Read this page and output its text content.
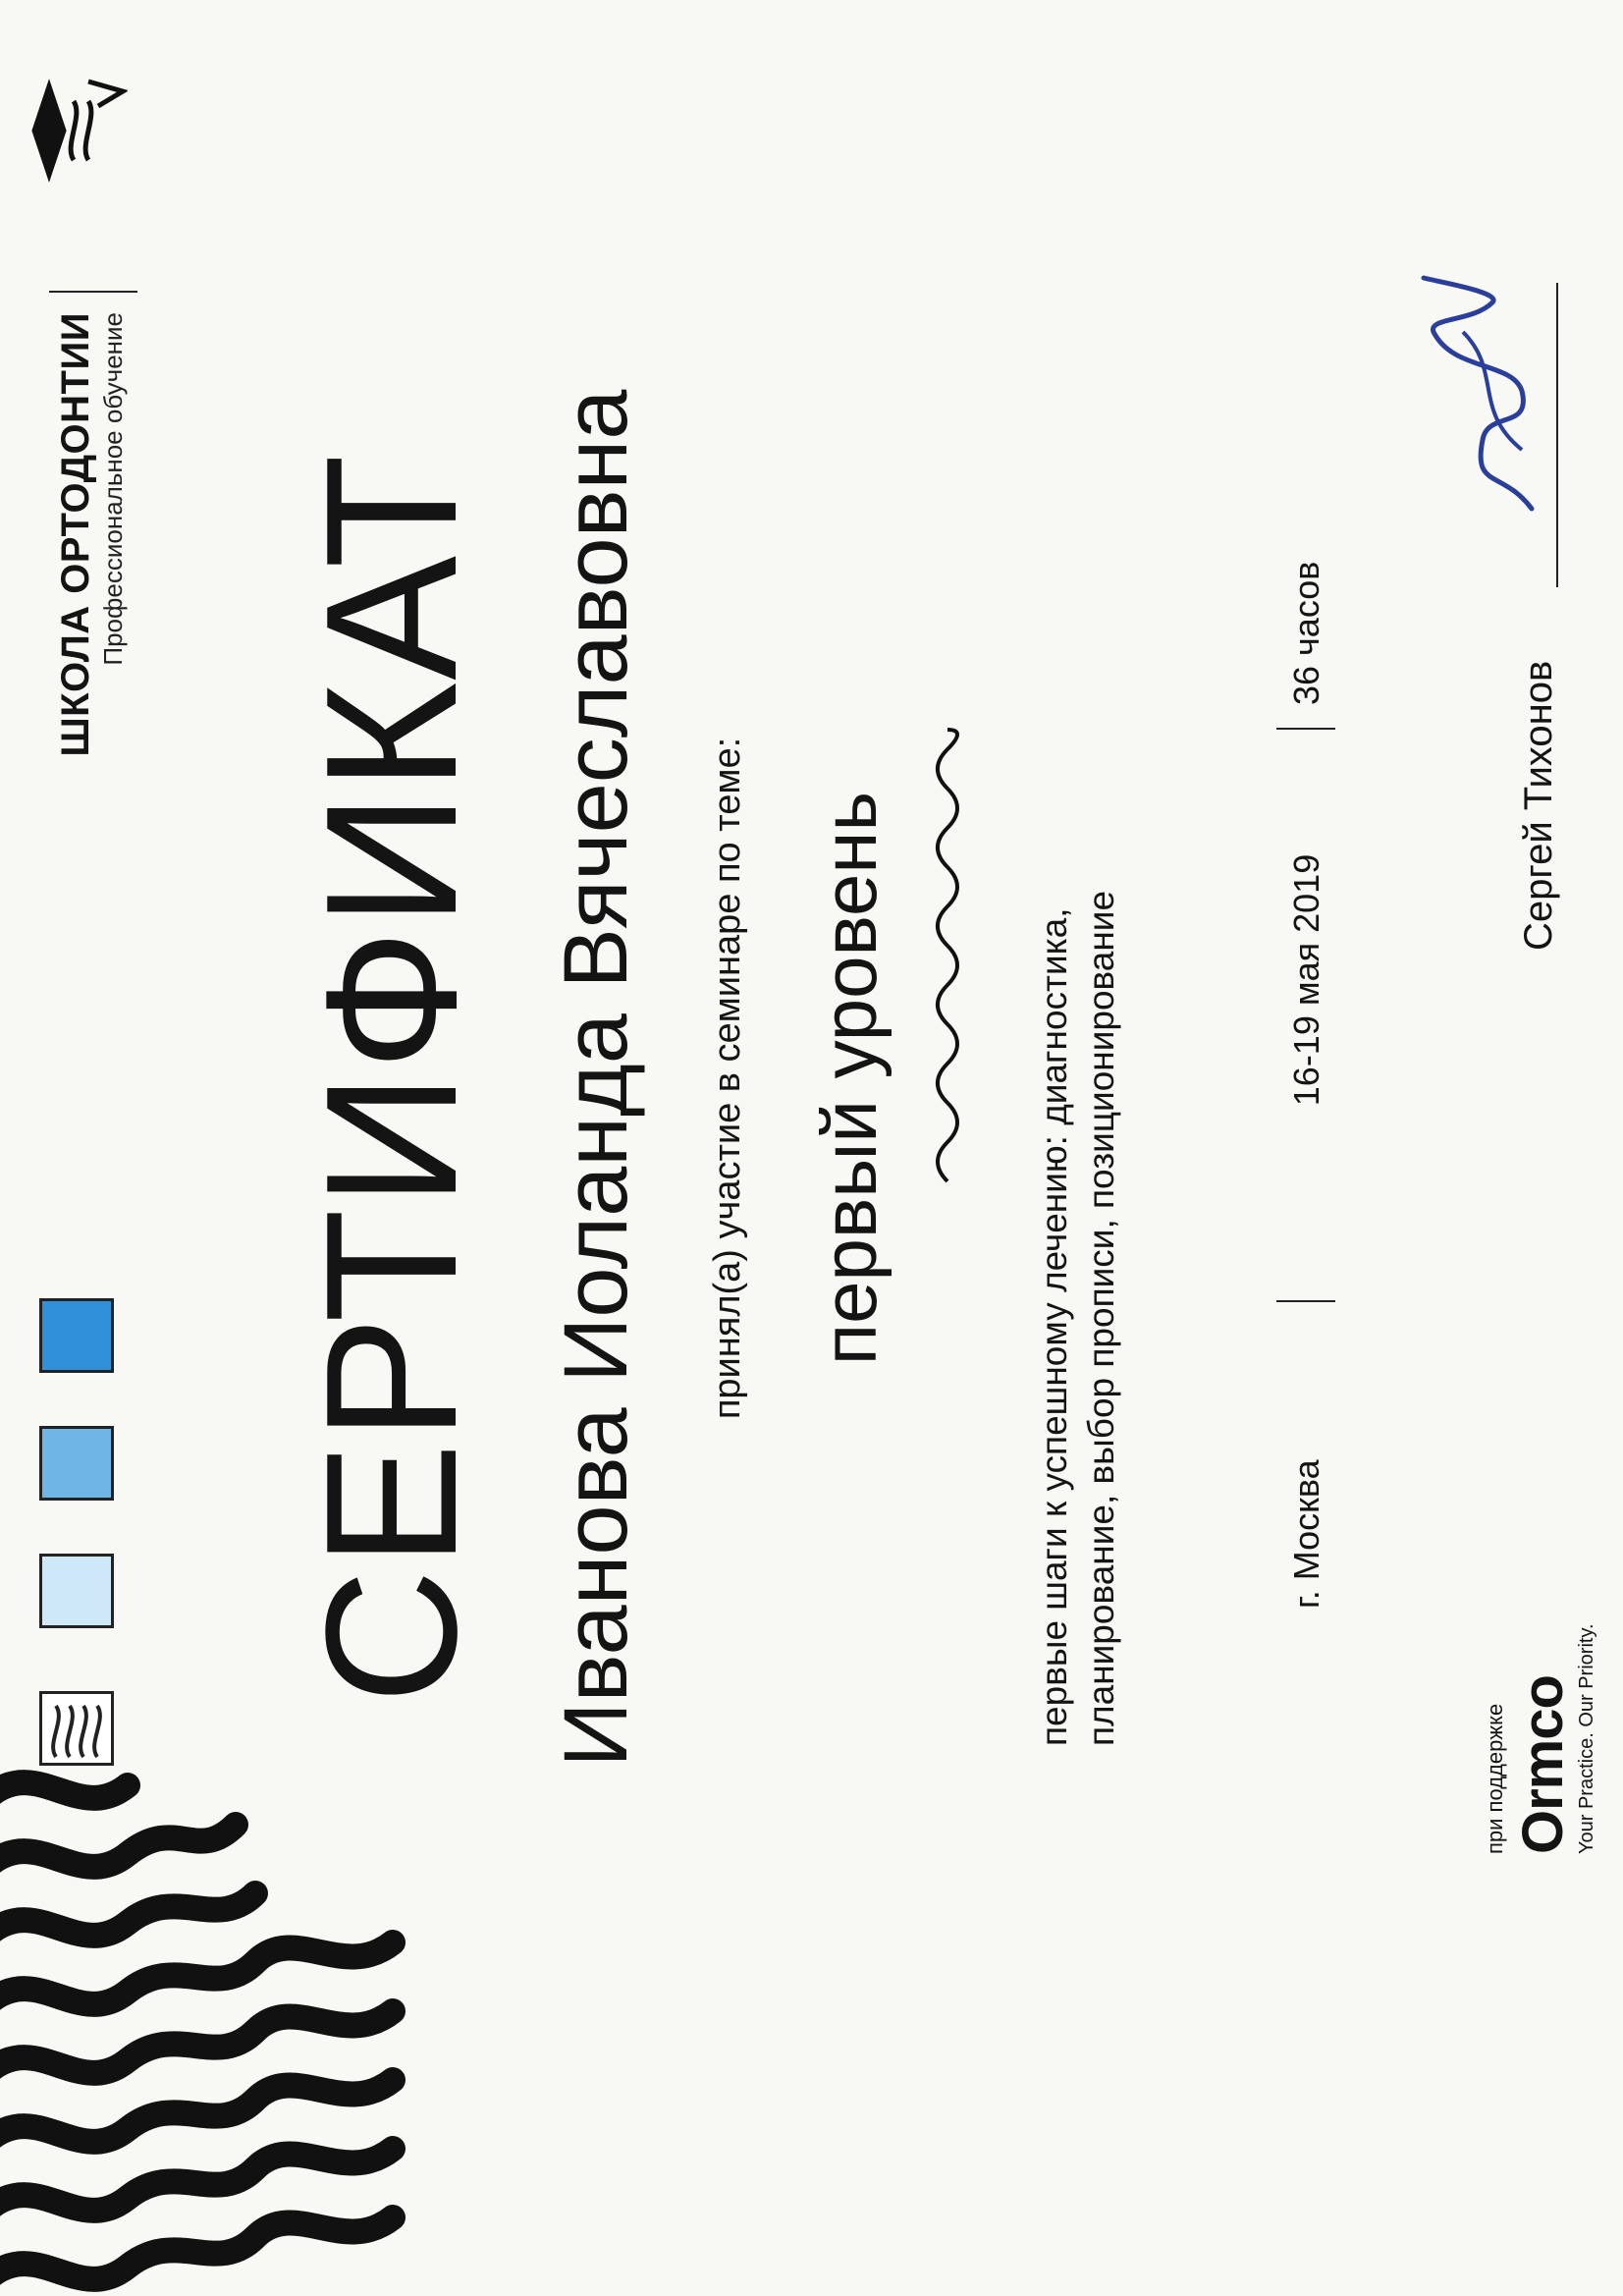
ШКОЛА ОРТОДОНТИИ Профессиональное обучение СЕРТИФИКАТ Иванова Иоланда Вячеславовна принял(а) участие в семинаре по теме: первый уровень	первые шаги к успешному лечению: диагностика, планирование, выбор прописи, позиционирование	г. Москва
16-19 мая 2019
36 часов
при поддержке Ormco Your Practice. Our Priority.
Сергей Тихонов
